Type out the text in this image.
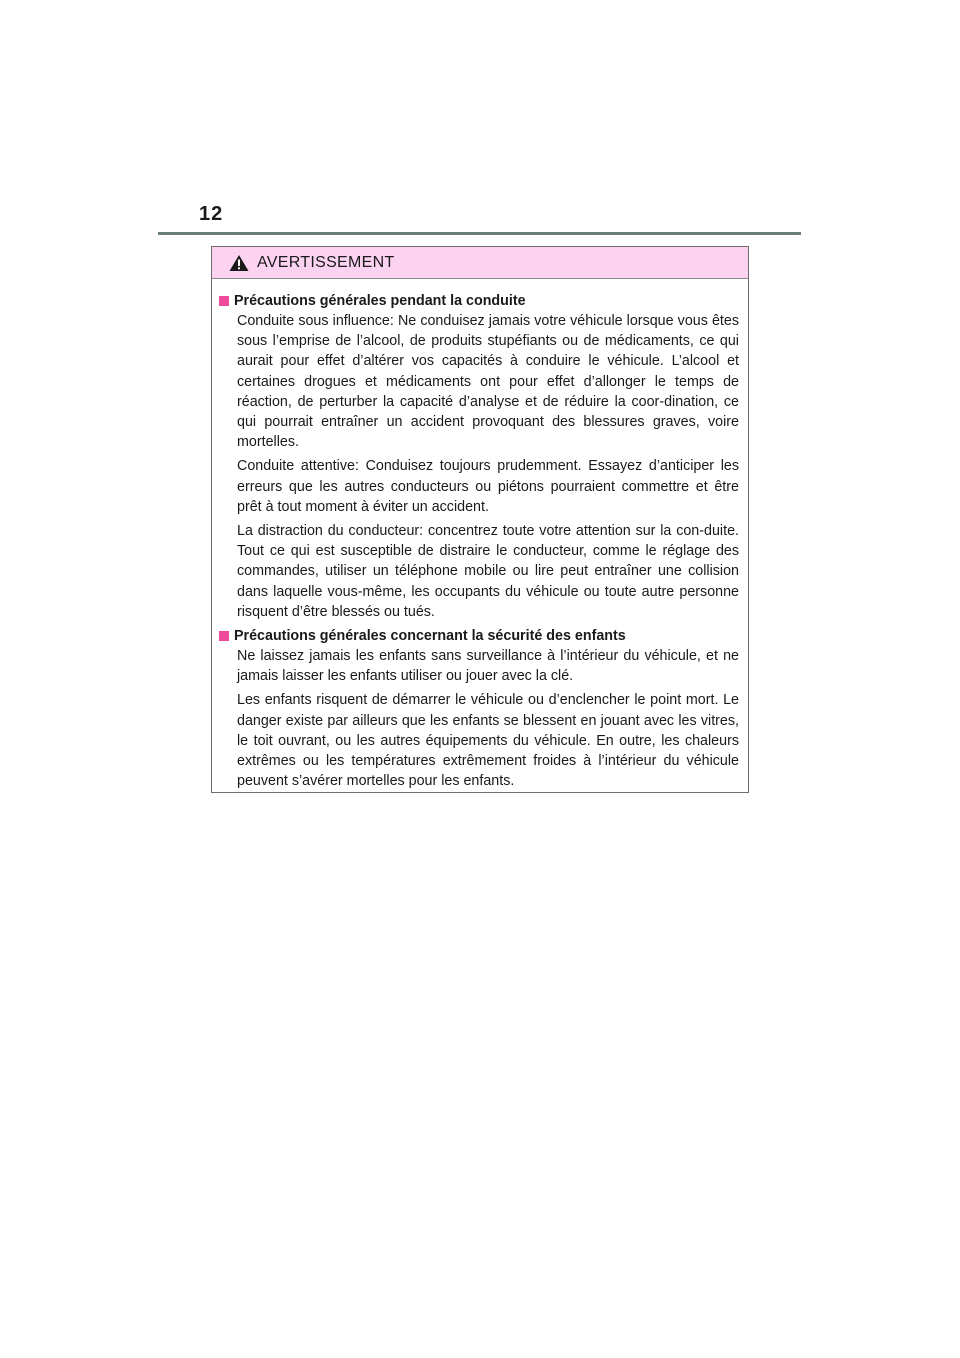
12
AVERTISSEMENT
Précautions générales pendant la conduite

Conduite sous influence: Ne conduisez jamais votre véhicule lorsque vous êtes sous l’emprise de l’alcool, de produits stupéfiants ou de médicaments, ce qui aurait pour effet d’altérer vos capacités à conduire le véhicule. L’alcool et certaines drogues et médicaments ont pour effet d’allonger le temps de réaction, de perturber la capacité d’analyse et de réduire la coor-dination, ce qui pourrait entraîner un accident provoquant des blessures graves, voire mortelles.

Conduite attentive: Conduisez toujours prudemment. Essayez d’anticiper les erreurs que les autres conducteurs ou piétons pourraient commettre et être prêt à tout moment à éviter un accident.

La distraction du conducteur: concentrez toute votre attention sur la con-duite. Tout ce qui est susceptible de distraire le conducteur, comme le réglage des commandes, utiliser un téléphone mobile ou lire peut entraîner une collision dans laquelle vous-même, les occupants du véhicule ou toute autre personne risquent d’être blessés ou tués.

Précautions générales concernant la sécurité des enfants

Ne laissez jamais les enfants sans surveillance à l’intérieur du véhicule, et ne jamais laisser les enfants utiliser ou jouer avec la clé.

Les enfants risquent de démarrer le véhicule ou d’enclencher le point mort. Le danger existe par ailleurs que les enfants se blessent en jouant avec les vitres, le toit ouvrant, ou les autres équipements du véhicule. En outre, les chaleurs extrêmes ou les températures extrêmement froides à l’intérieur du véhicule peuvent s’avérer mortelles pour les enfants.
